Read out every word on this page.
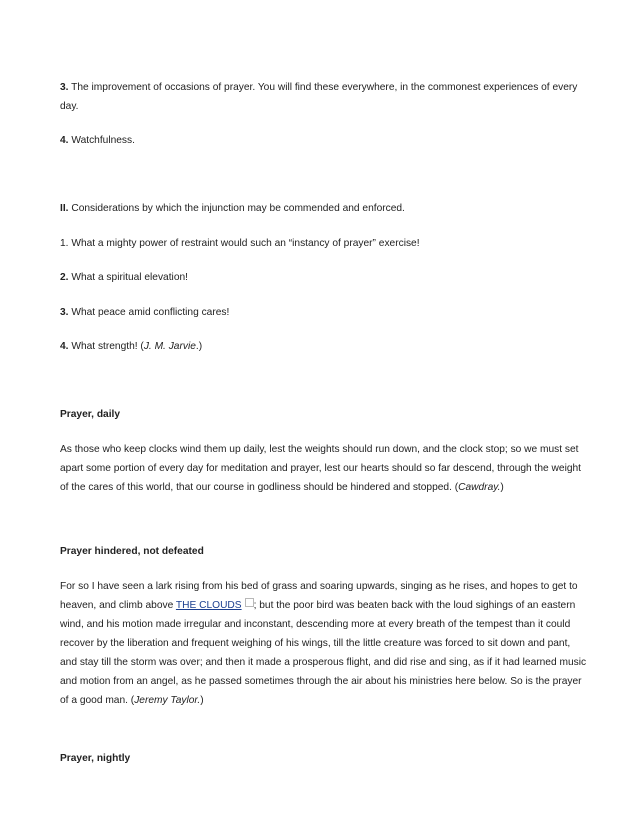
3. The improvement of occasions of prayer. You will find these everywhere, in the commonest experiences of every day.

4. Watchfulness.

II. Considerations by which the injunction may be commended and enforced.

1. What a mighty power of restraint would such an “instancy of prayer” exercise!

2. What a spiritual elevation!

3. What peace amid conflicting cares!

4. What strength! (J. M. Jarvie.)

Prayer, daily

As those who keep clocks wind them up daily, lest the weights should run down, and the clock stop; so we must set apart some portion of every day for meditation and prayer, lest our hearts should so far descend, through the weight of the cares of this world, that our course in godliness should be hindered and stopped. (Cawdray.)

Prayer hindered, not defeated

For so I have seen a lark rising from his bed of grass and soaring upwards, singing as he rises, and hopes to get to heaven, and climb above THE CLOUDS ; but the poor bird was beaten back with the loud sighings of an eastern wind, and his motion made irregular and inconstant, descending more at every breath of the tempest than it could recover by the liberation and frequent weighing of his wings, till the little creature was forced to sit down and pant, and stay till the storm was over; and then it made a prosperous flight, and did rise and sing, as if it had learned music and motion from an angel, as he passed sometimes through the air about his ministries here below. So is the prayer of a good man. (Jeremy Taylor.)

Prayer, nightly
